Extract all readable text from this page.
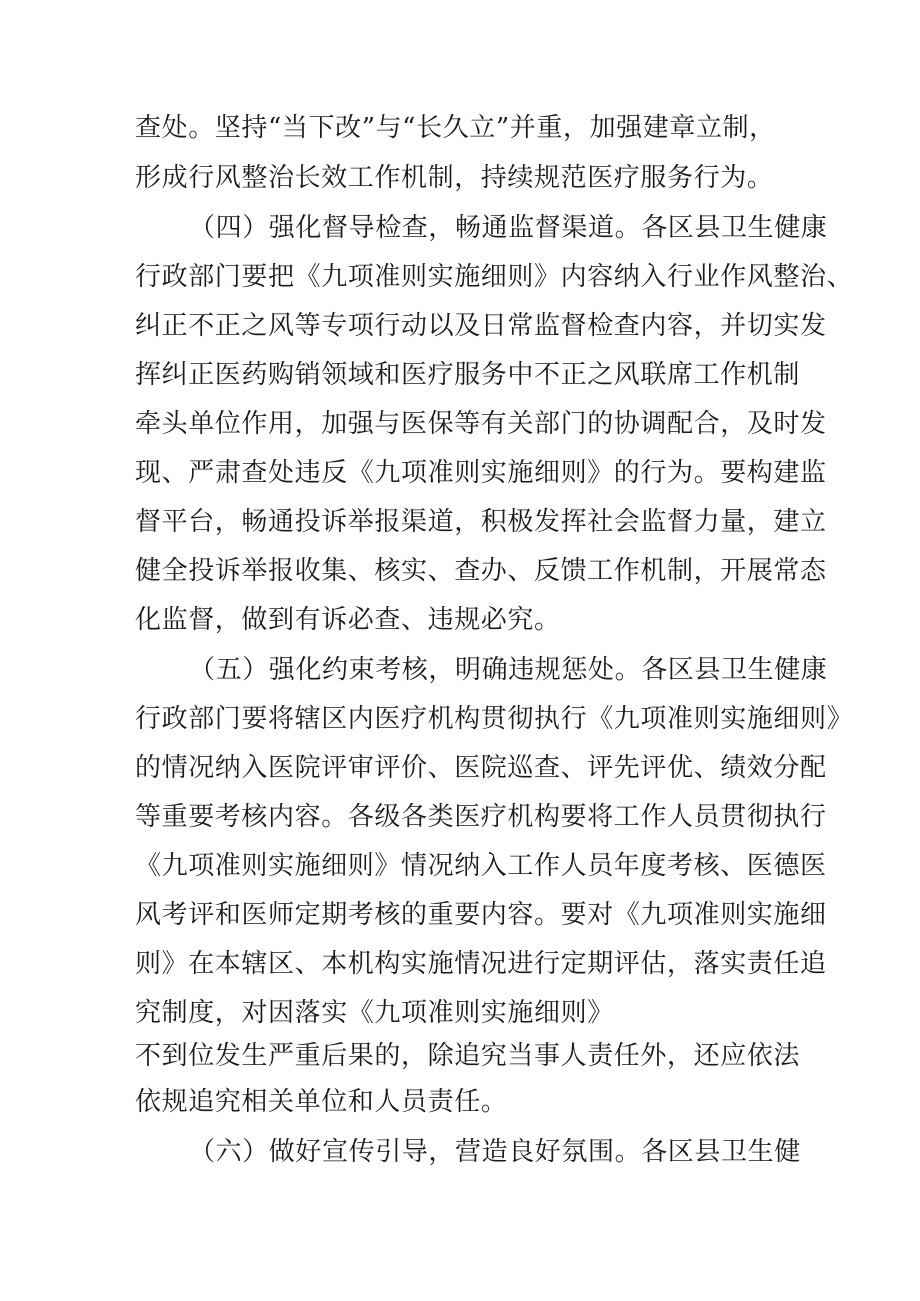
查处。坚持“当下改”与“长久立”并重，加强建章立制，
形成行风整治长效工作机制，持续规范医疗服务行为。
（四）强化督导检查，畅通监督渠道。各区县卫生健康
行政部门要把《九项准则实施细则》内容纳入行业作风整治、
纠正不正之风等专项行动以及日常监督检查内容，并切实发
挥纠正医药购销领域和医疗服务中不正之风联席工作机制
牵头单位作用，加强与医保等有关部门的协调配合，及时发
现、严肃查处违反《九项准则实施细则》的行为。要构建监
督平台，畅通投诉举报渠道，积极发挥社会监督力量，建立
健全投诉举报收集、核实、查办、反馈工作机制，开展常态
化监督，做到有诉必查、违规必究。
（五）强化约束考核，明确违规惩处。各区县卫生健康
行政部门要将辖区内医疗机构贯彻执行《九项准则实施细则》
的情况纳入医院评审评价、医院巡查、评先评优、绩效分配
等重要考核内容。各级各类医疗机构要将工作人员贯彻执行
《九项准则实施细则》情况纳入工作人员年度考核、医德医
风考评和医师定期考核的重要内容。要对《九项准则实施细
则》在本辖区、本机构实施情况进行定期评估，落实责任追
究制度，对因落实《九项准则实施细则》
不到位发生严重后果的，除追究当事人责任外，还应依法
依规追究相关单位和人员责任。
（六）做好宣传引导，营造良好氛围。各区县卫生健
